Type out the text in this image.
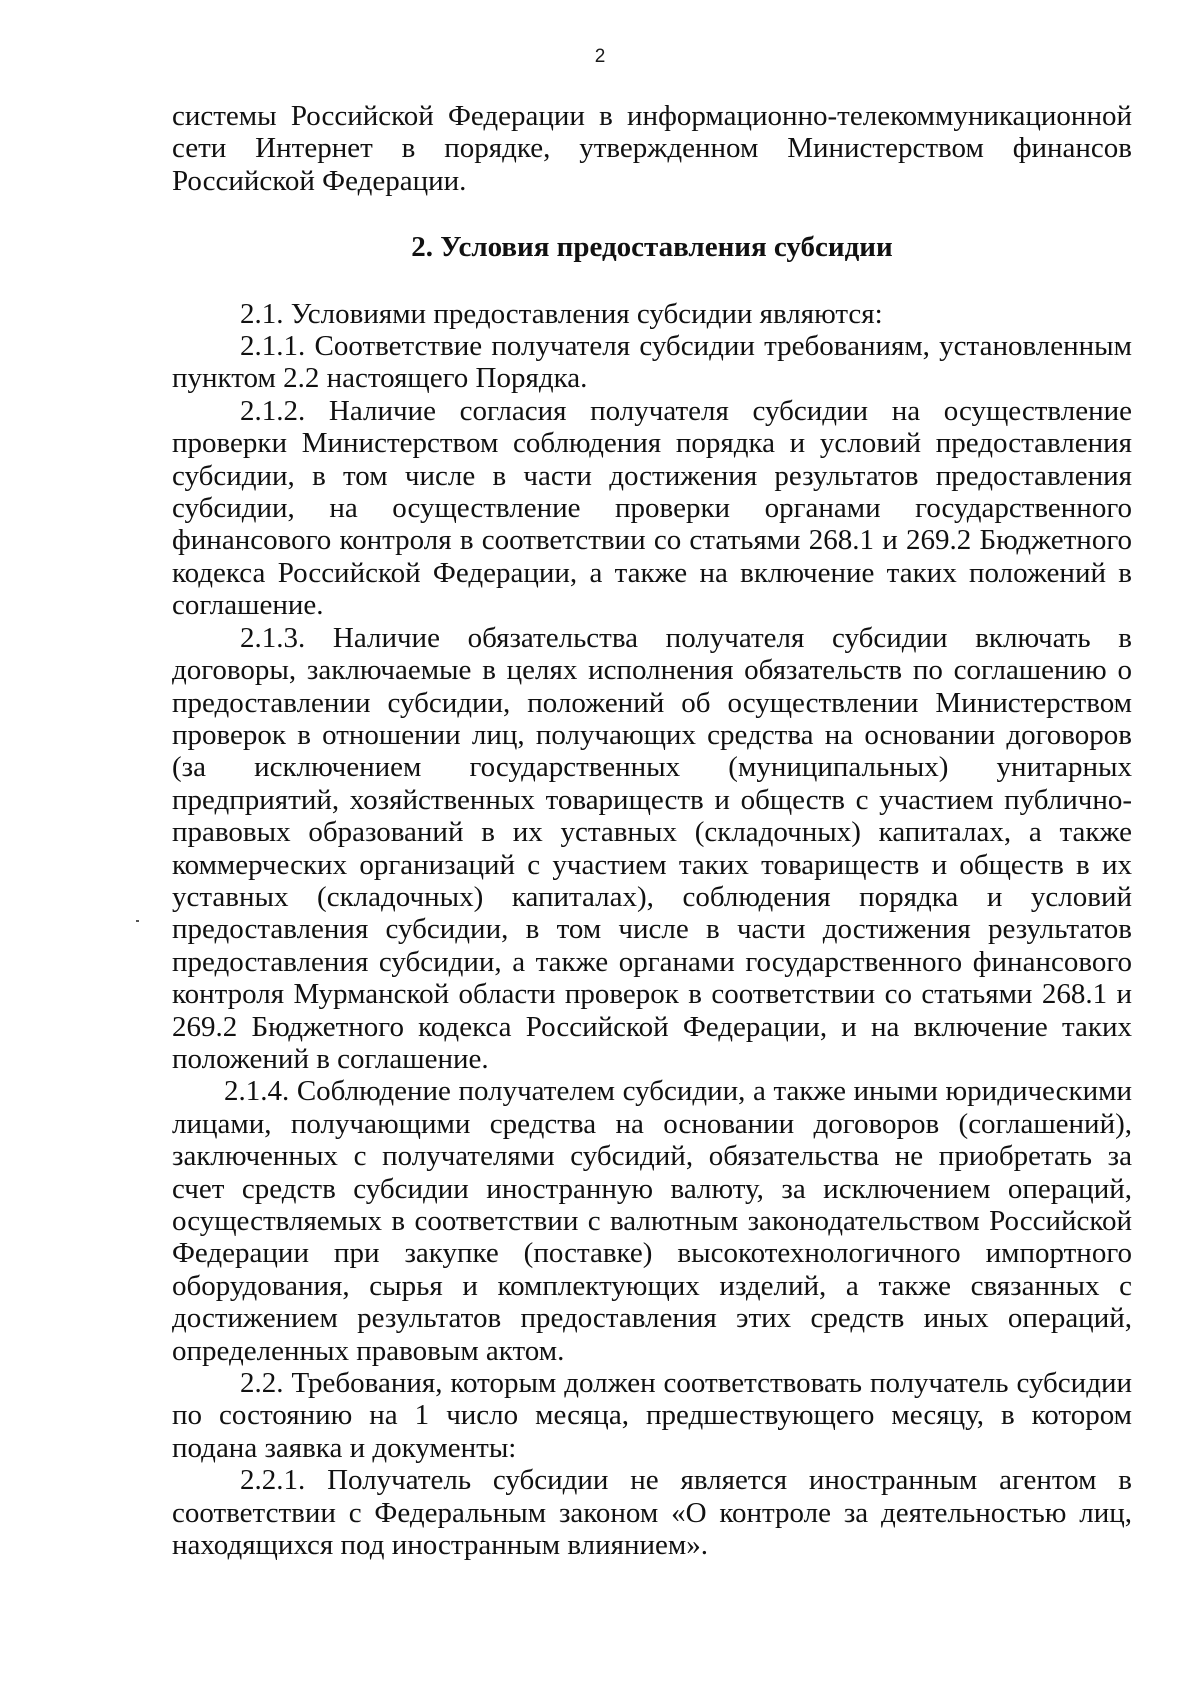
2

системы Российской Федерации в информационно-телекоммуникационной сети Интернет в порядке, утвержденном Министерством финансов Российской Федерации.

2. Условия предоставления субсидии

2.1. Условиями предоставления субсидии являются:

2.1.1. Соответствие получателя субсидии требованиям, установленным пунктом 2.2 настоящего Порядка.

2.1.2. Наличие согласия получателя субсидии на осуществление проверки Министерством соблюдения порядка и условий предоставления субсидии, в том числе в части достижения результатов предоставления субсидии, на осуществление проверки органами государственного финансового контроля в соответствии со статьями 268.1 и 269.2 Бюджетного кодекса Российской Федерации, а также на включение таких положений в соглашение.

2.1.3. Наличие обязательства получателя субсидии включать в договоры, заключаемые в целях исполнения обязательств по соглашению о предоставлении субсидии, положений об осуществлении Министерством проверок в отношении лиц, получающих средства на основании договоров (за исключением государственных (муниципальных) унитарных предприятий, хозяйственных товариществ и обществ с участием публично-правовых образований в их уставных (складочных) капиталах, а также коммерческих организаций с участием таких товариществ и обществ в их уставных (складочных) капиталах), соблюдения порядка и условий предоставления субсидии, в том числе в части достижения результатов предоставления субсидии, а также органами государственного финансового контроля Мурманской области проверок в соответствии со статьями 268.1 и 269.2 Бюджетного кодекса Российской Федерации, и на включение таких положений в соглашение.

2.1.4. Соблюдение получателем субсидии, а также иными юридическими лицами, получающими средства на основании договоров (соглашений), заключенных с получателями субсидий, обязательства не приобретать за счет средств субсидии иностранную валюту, за исключением операций, осуществляемых в соответствии с валютным законодательством Российской Федерации при закупке (поставке) высокотехнологичного импортного оборудования, сырья и комплектующих изделий, а также связанных с достижением результатов предоставления этих средств иных операций, определенных правовым актом.

2.2. Требования, которым должен соответствовать получатель субсидии по состоянию на 1 число месяца, предшествующего месяцу, в котором подана заявка и документы:

2.2.1. Получатель субсидии не является иностранным агентом в соответствии с Федеральным законом «О контроле за деятельностью лиц, находящихся под иностранным влиянием».
